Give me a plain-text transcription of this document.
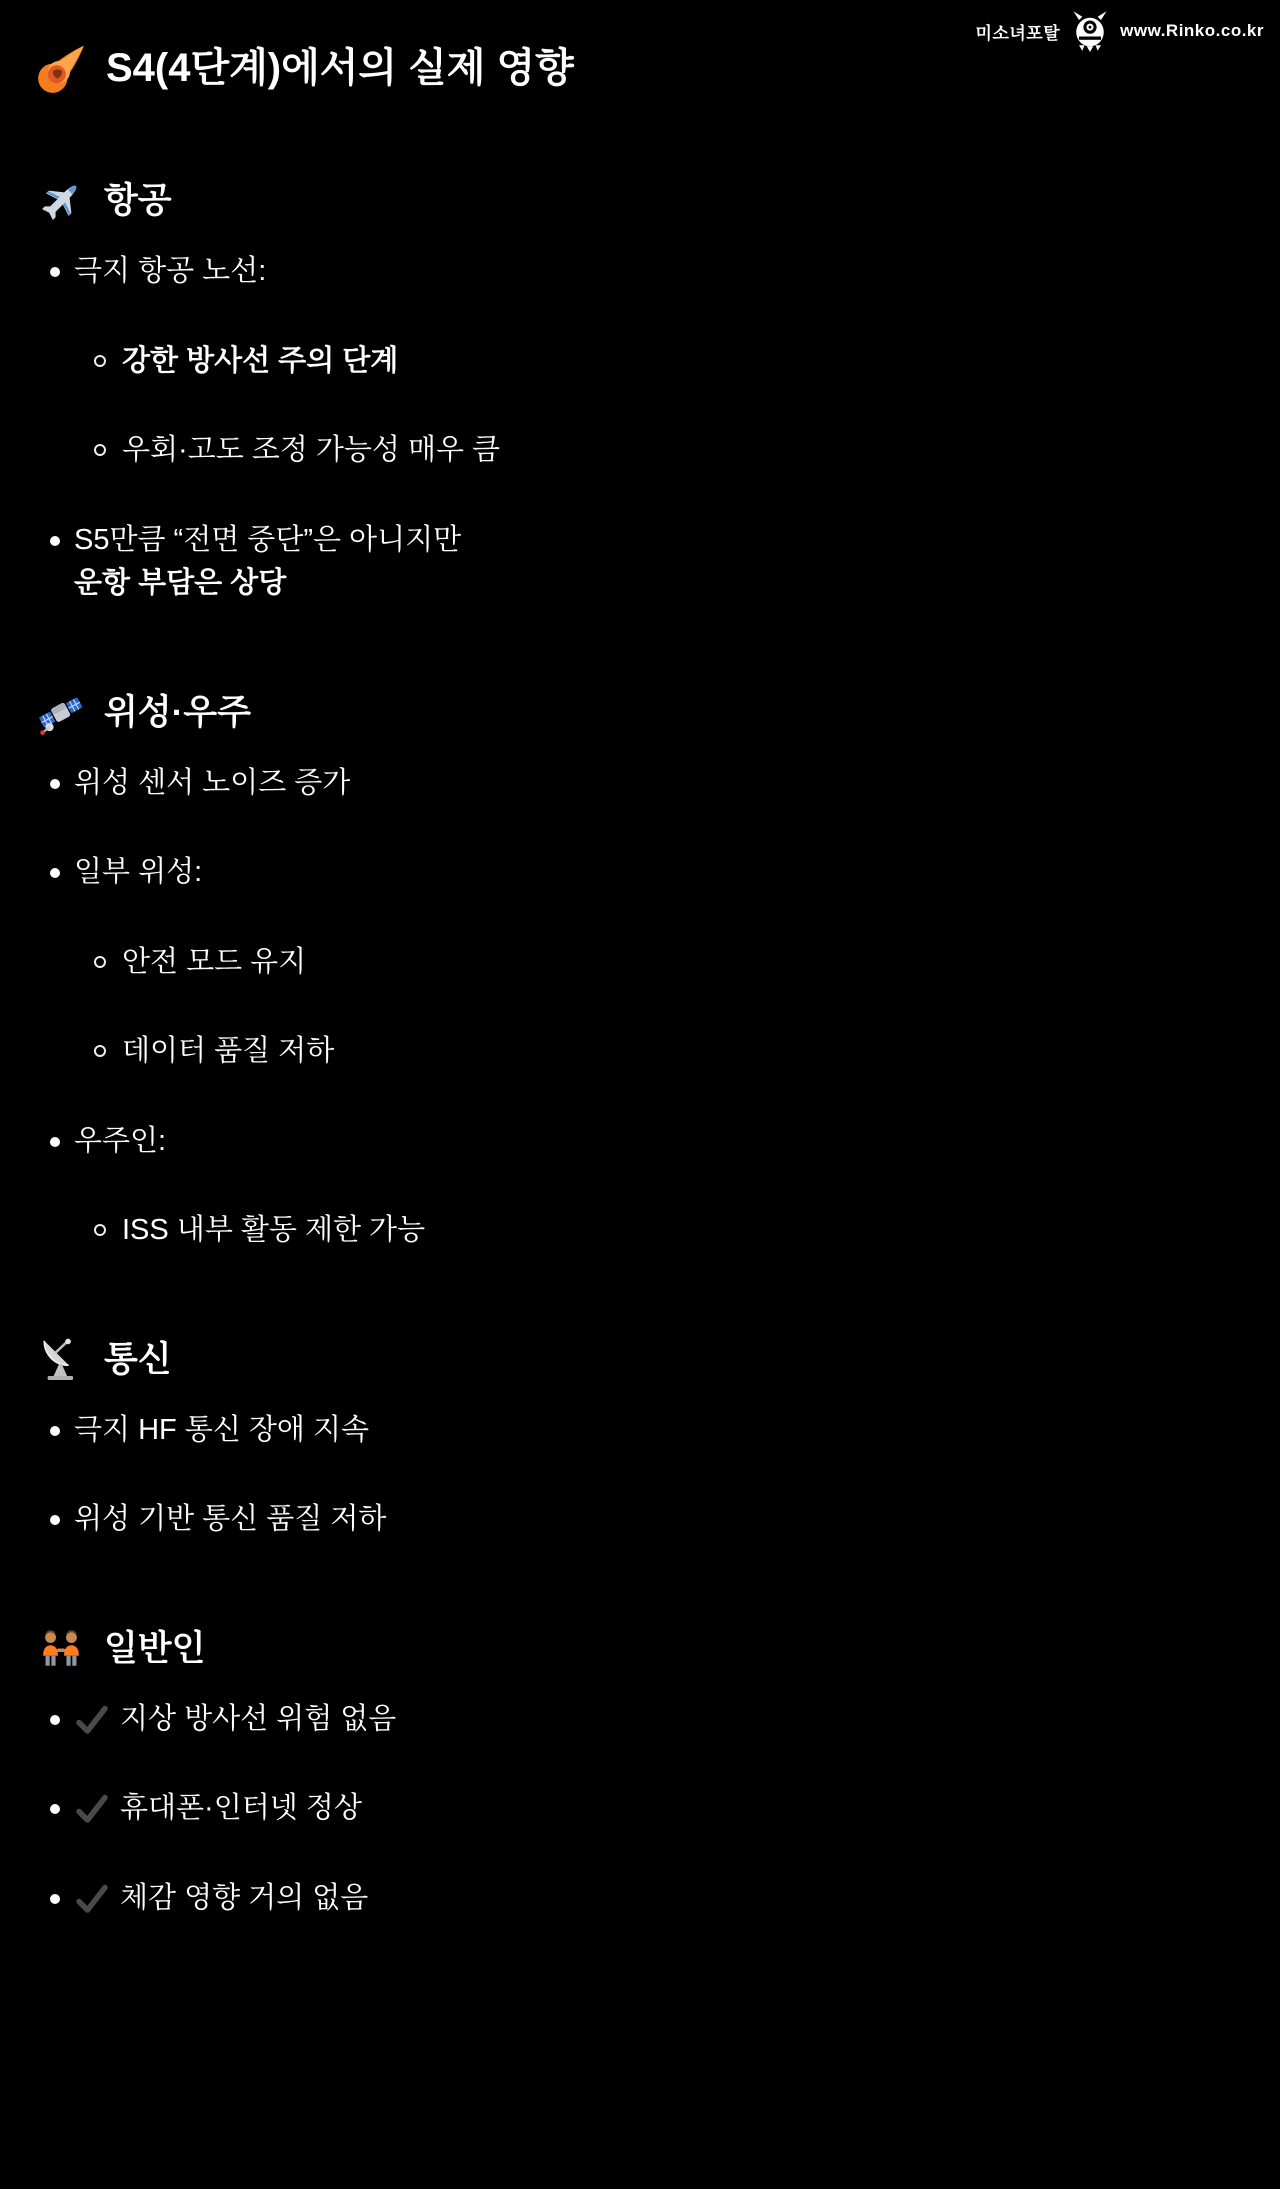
미소녀포탈	www.Rinko.co.kr
S4(4단계)에서의 실제 영향
항공
극지 항공 노선:
강한 방사선 주의 단계
우회·고도 조정 가능성 매우 큼
S5만큼 “전면 중단”은 아니지만
운항 부담은 상당
위성·우주
위성 센서 노이즈 증가
일부 위성:
안전 모드 유지
데이터 품질 저하
우주인:
ISS 내부 활동 제한 가능
통신
극지 HF 통신 장애 지속
위성 기반 통신 품질 저하
일반인
지상 방사선 위험 없음
휴대폰·인터넷 정상
체감 영향 거의 없음
